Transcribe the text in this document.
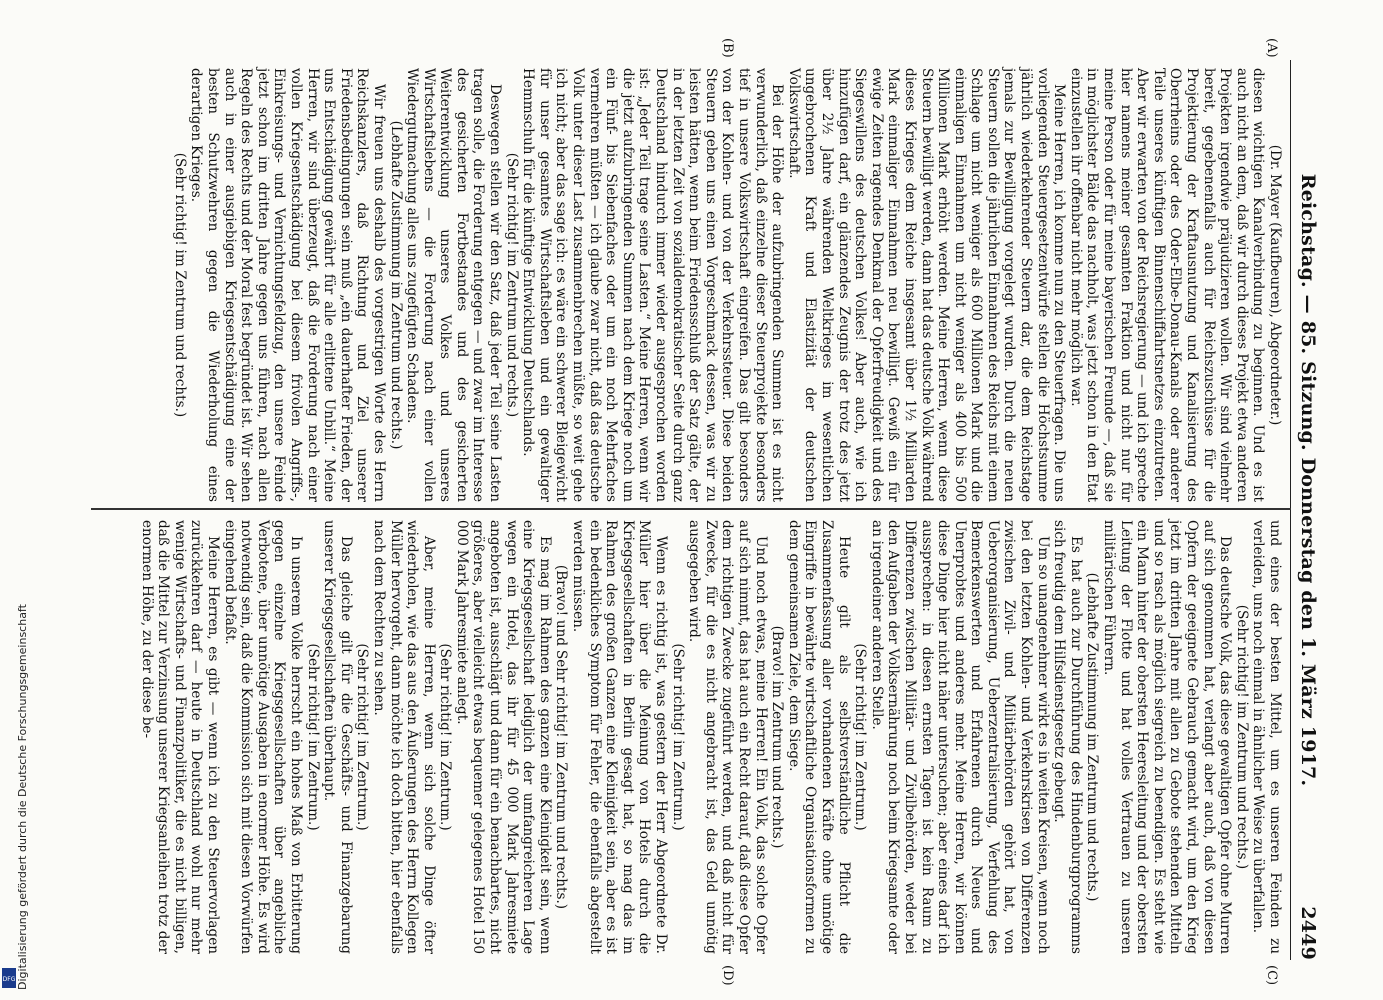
Reichstag. — 85. Sitzung. Donnerstag den 1. März 1917.
2449
(A)
(B)
(C)
(D)

(Dr. Mayer (Kaufbeuren), Abgeordneter.)

diesen wichtigen Kanalverbindung zu beginnen. Und es ist auch nicht an dem, daß wir durch dieses Projekt etwa anderen Projekten irgendwie präjudizieren wollen. Wir sind vielmehr bereit, gegebenenfalls auch für Reichszuschüsse für die Projektierung der Kraftausnutzung und Kanalisierung des Oberrheins oder des Oder-Elbe-Donau-Kanals oder anderer Teile unseres künftigen Binnenschiffahrtsnetzes einzutreten. Aber wir erwarten von der Reichsregierung — und ich spreche hier namens meiner gesamten Fraktion und nicht nur für meine Person oder für meine bayerischen Freunde —, daß sie in möglichster Bälde das nachholt, was jetzt schon in den Etat einzustellen ihr offenbar nicht mehr möglich war.

Meine Herren, ich komme nun zu den Steuerfragen. Die uns vorliegenden Steuergesetzentwürfe stellen die Höchstsumme jährlich wiederkehrender Steuern dar, die dem Reichstage jemals zur Bewilligung vorgelegt wurden. Durch die neuen Steuern sollen die jährlichen Einnahmen des Reichs mit einem Schlage um nicht weniger als 600 Millionen Mark und die einmaligen Einnahmen um nicht weniger als 400 bis 500 Millionen Mark erhöht werden. Meine Herren, wenn diese Steuern bewilligt werden, dann hat das deutsche Volk während dieses Krieges dem Reiche insgesamt über 1½ Milliarden Mark einmaliger Einnahmen neu bewilligt. Gewiß ein für ewige Zeiten ragendes Denkmal der Opferfreudigkeit und des Siegeswillens des deutschen Volkes! Aber auch, wie ich hinzufügen darf, ein glänzendes Zeugnis der trotz des jetzt über 2½ Jahre währenden Weltkrieges im wesentlichen ungebrochenen Kraft und Elastizität der deutschen Volkswirtschaft.

Bei der Höhe der aufzubringenden Summen ist es nicht verwunderlich, daß einzelne dieser Steuerprojekte besonders tief in unsere Volkswirtschaft eingreifen. Das gilt besonders von der Kohlen- und von der Verkehrssteuer. Diese beiden Steuern geben uns einen Vorgeschmack dessen, was wir zu leisten hätten, wenn beim Friedensschluß der Satz gälte, der in der letzten Zeit von sozialdemokratischer Seite durch ganz Deutschland hindurch immer wieder ausgesprochen worden ist: „Jeder Teil trage seine Lasten.“ Meine Herren, wenn wir die jetzt aufzubringenden Summen nach dem Kriege noch um ein Fünf- bis Siebenfaches oder um ein noch Mehrfaches vermehren müßten — ich glaube zwar nicht, daß das deutsche Volk unter dieser Last zusammenbrechen müßte, so weit gehe ich nicht; aber das sage ich: es wäre ein schwerer Bleigewicht für unser gesamtes Wirtschaftsleben und ein gewaltiger Hemmschuh für die künftige Entwicklung Deutschlands.

(Sehr richtig! im Zentrum und rechts.)

Deswegen stellen wir den Satz, daß jeder Teil seine Lasten tragen solle, die Forderung entgegen — und zwar im Interesse des gesicherten Fortbestandes und des gesicherten Weiterentwicklung unseres Volkes und unseres Wirtschaftslebens — die Forderung nach einer vollen Wiedergutmachung alles uns zugefügten Schadens.

(Lebhafte Zustimmung im Zentrum und rechts.)

Wir freuen uns deshalb des vorgestrigen Worte des Herrn Reichskanzlers, daß Richtung und Ziel unserer Friedensbedingungen sein muß „ein dauerhafter Frieden, der uns Entschädigung gewährt für alle erlittene Unbill.“ Meine Herren, wir sind überzeugt, daß die Forderung nach einer vollen Kriegsentschädigung bei diesem frivolen Angriffs-, Einkreisungs- und Vernichtungsfeldzug, den unsere Feinde jetzt schon im dritten Jahre gegen uns führen, nach allen Regeln des Rechts und der Moral fest begründet ist. Wir sehen auch in einer ausgiebigen Kriegsentschädigung eine der besten Schutzwehren gegen die Wiederholung eines derartigen Krieges.

(Sehr richtig! im Zentrum und rechts.)

und eines der besten Mittel, um es unseren Feinden zu verleiden, uns noch einmal in ähnlicher Weise zu überfallen.

(Sehr richtig! im Zentrum und rechts.)

Das deutsche Volk, das diese gewaltigen Opfer ohne Murren auf sich genommen hat, verlangt aber auch, daß von diesen Opfern der geeignete Gebrauch gemacht wird, um den Krieg jetzt im dritten Jahre mit allen zu Gebote stehenden Mitteln und so rasch als möglich siegreich zu beendigen. Es steht wie ein Mann hinter der obersten Heeresleitung und der obersten Leitung der Flotte und hat volles Vertrauen zu unseren militärischen Führern.

(Lebhafte Zustimmung im Zentrum und rechts.)

Es hat auch zur Durchführung des Hindenburgprogramms sich freudig dem Hilfsdienstgesetz gebeugt.

Um so unangenehmer wirkt es in weiten Kreisen, wenn noch bei den letzten Kohlen- und Verkehrskrisen von Differenzen zwischen Zivil- und Militärbehörden gehört hat, von Ueberorganisierung, Ueberzentralisierung, Verfehlung des Bemerkenswerten und Erfahrenen durch Neues und Unerprobtes und anderes mehr. Meine Herren, wir können diese Dinge hier nicht näher untersuchen; aber eines darf ich aussprechen: in diesen ernsten Tagen ist kein Raum zu Differenzen zwischen Militär- und Zivilbehörden, weder bei den Aufgaben der Volksernährung noch beim Kriegsamte oder an irgendeiner anderen Stelle.

(Sehr richtig! im Zentrum.)

Heute gilt als selbstverständliche Pflicht die Zusammenfassung aller vorhandenen Kräfte ohne unnötige Eingriffe in bewährte wirtschaftliche Organisationsformen zu dem gemeinsamen Ziele, dem Siege.

(Bravo! im Zentrum und rechts.)

Und noch etwas, meine Herren! Ein Volk, das solche Opfer auf sich nimmt, das hat auch ein Recht darauf, daß diese Opfer dem richtigen Zwecke zugeführt werden, und daß nicht für Zwecke, für die es nicht angebracht ist, das Geld unnötig ausgegeben wird.

(Sehr richtig! im Zentrum.)

Wenn es richtig ist, was gestern der Herr Abgeordnete Dr. Müller hier über die Meinung von Hotels durch die Kriegsgesellschaften in Berlin gesagt hat, so mag das im Rahmen des großen Ganzen eine Kleinigkeit sein, aber es ist ein bedenkliches Symptom für Fehler, die ebenfalls abgestellt werden müssen.

(Bravo! und Sehr richtig! im Zentrum und rechts.)

Es mag im Rahmen des ganzen eine Kleinigkeit sein, wenn eine Kriegsgesellschaft lediglich der umfangreicheren Lage wegen ein Hotel, das ihr für 45 000 Mark Jahresmiete angeboten ist, ausschlägt und dann für ein benachbartes, nicht größeres, aber vielleicht etwas bequemer gelegenes Hotel 150 000 Mark Jahresmiete anlegt.

(Sehr richtig! im Zentrum.)

Aber, meine Herren, wenn sich solche Dinge öfter wiederholen, wie das aus den Äußerungen des Herrn Kollegen Müller hervorgeht, dann möchte ich doch bitten, hier ebenfalls nach dem Rechten zu sehen.

(Sehr richtig! im Zentrum.)

Das gleiche gilt für die Geschäfts- und Finanzgebarung unserer Kriegsgesellschaften überhaupt.

(Sehr richtig! im Zentrum.)

In unserem Volke herrscht ein hohes Maß von Erbitterung gegen einzelne Kriegsgesellschaften über angebliche Verbotene, über unnötige Ausgaben in enormer Höhe. Es wird notwendig sein, daß die Kommission sich mit diesen Vorwürfen eingehend befaßt.

Meine Herren, es gibt — wenn ich zu den Steuervorlagen zurückkehren darf — heute in Deutschland wohl nur mehr wenige Wirtschafts- und Finanzpolitiker, die es nicht billigen, daß die Mittel zur Verzinsung unserer Kriegsanleihen trotz der enormen Höhe, zu der diese be-

DFG Digitalisierung gefördert durch die Deutsche Forschungsgemeinschaft
